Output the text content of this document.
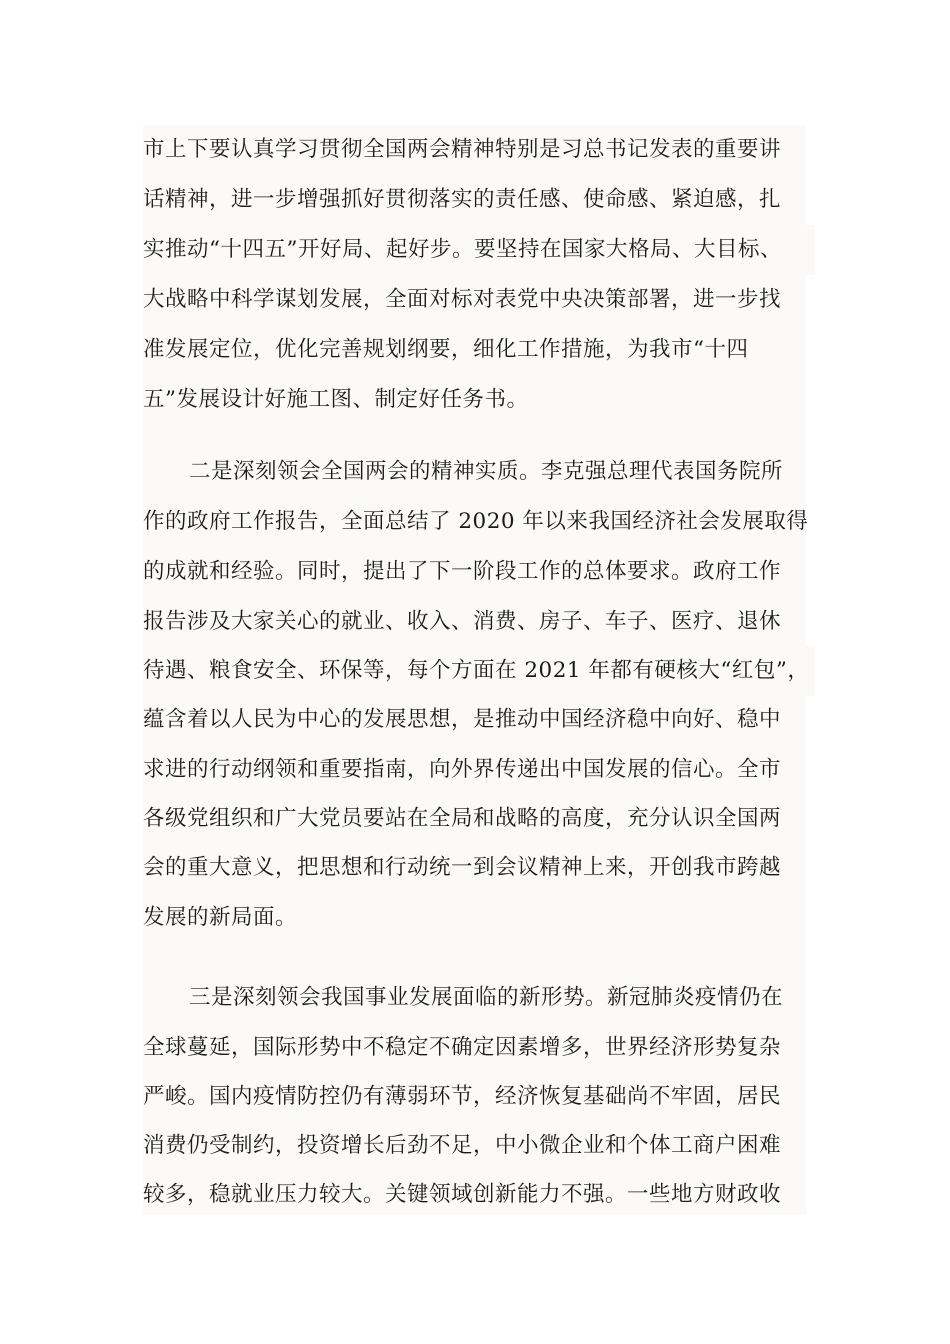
市上下要认真学习贯彻全国两会精神特别是习总书记发表的重要讲
话精神，进一步增强抓好贯彻落实的责任感、使命感、紧迫感，扎
实推动“十四五”开好局、起好步。要坚持在国家大格局、大目标、
大战略中科学谋划发展，全面对标对表党中央决策部署，进一步找
准发展定位，优化完善规划纲要，细化工作措施，为我市“十四
五”发展设计好施工图、制定好任务书。
二是深刻领会全国两会的精神实质。李克强总理代表国务院所
作的政府工作报告，全面总结了 2020 年以来我国经济社会发展取得
的成就和经验。同时，提出了下一阶段工作的总体要求。政府工作
报告涉及大家关心的就业、收入、消费、房子、车子、医疗、退休
待遇、粮食安全、环保等，每个方面在 2021 年都有硬核大“红包”，
蕴含着以人民为中心的发展思想，是推动中国经济稳中向好、稳中
求进的行动纲领和重要指南，向外界传递出中国发展的信心。全市
各级党组织和广大党员要站在全局和战略的高度，充分认识全国两
会的重大意义，把思想和行动统一到会议精神上来，开创我市跨越
发展的新局面。
三是深刻领会我国事业发展面临的新形势。新冠肺炎疫情仍在
全球蔓延，国际形势中不稳定不确定因素增多，世界经济形势复杂
严峻。国内疫情防控仍有薄弱环节，经济恢复基础尚不牢固，居民
消费仍受制约，投资增长后劲不足，中小微企业和个体工商户困难
较多，稳就业压力较大。关键领域创新能力不强。一些地方财政收
